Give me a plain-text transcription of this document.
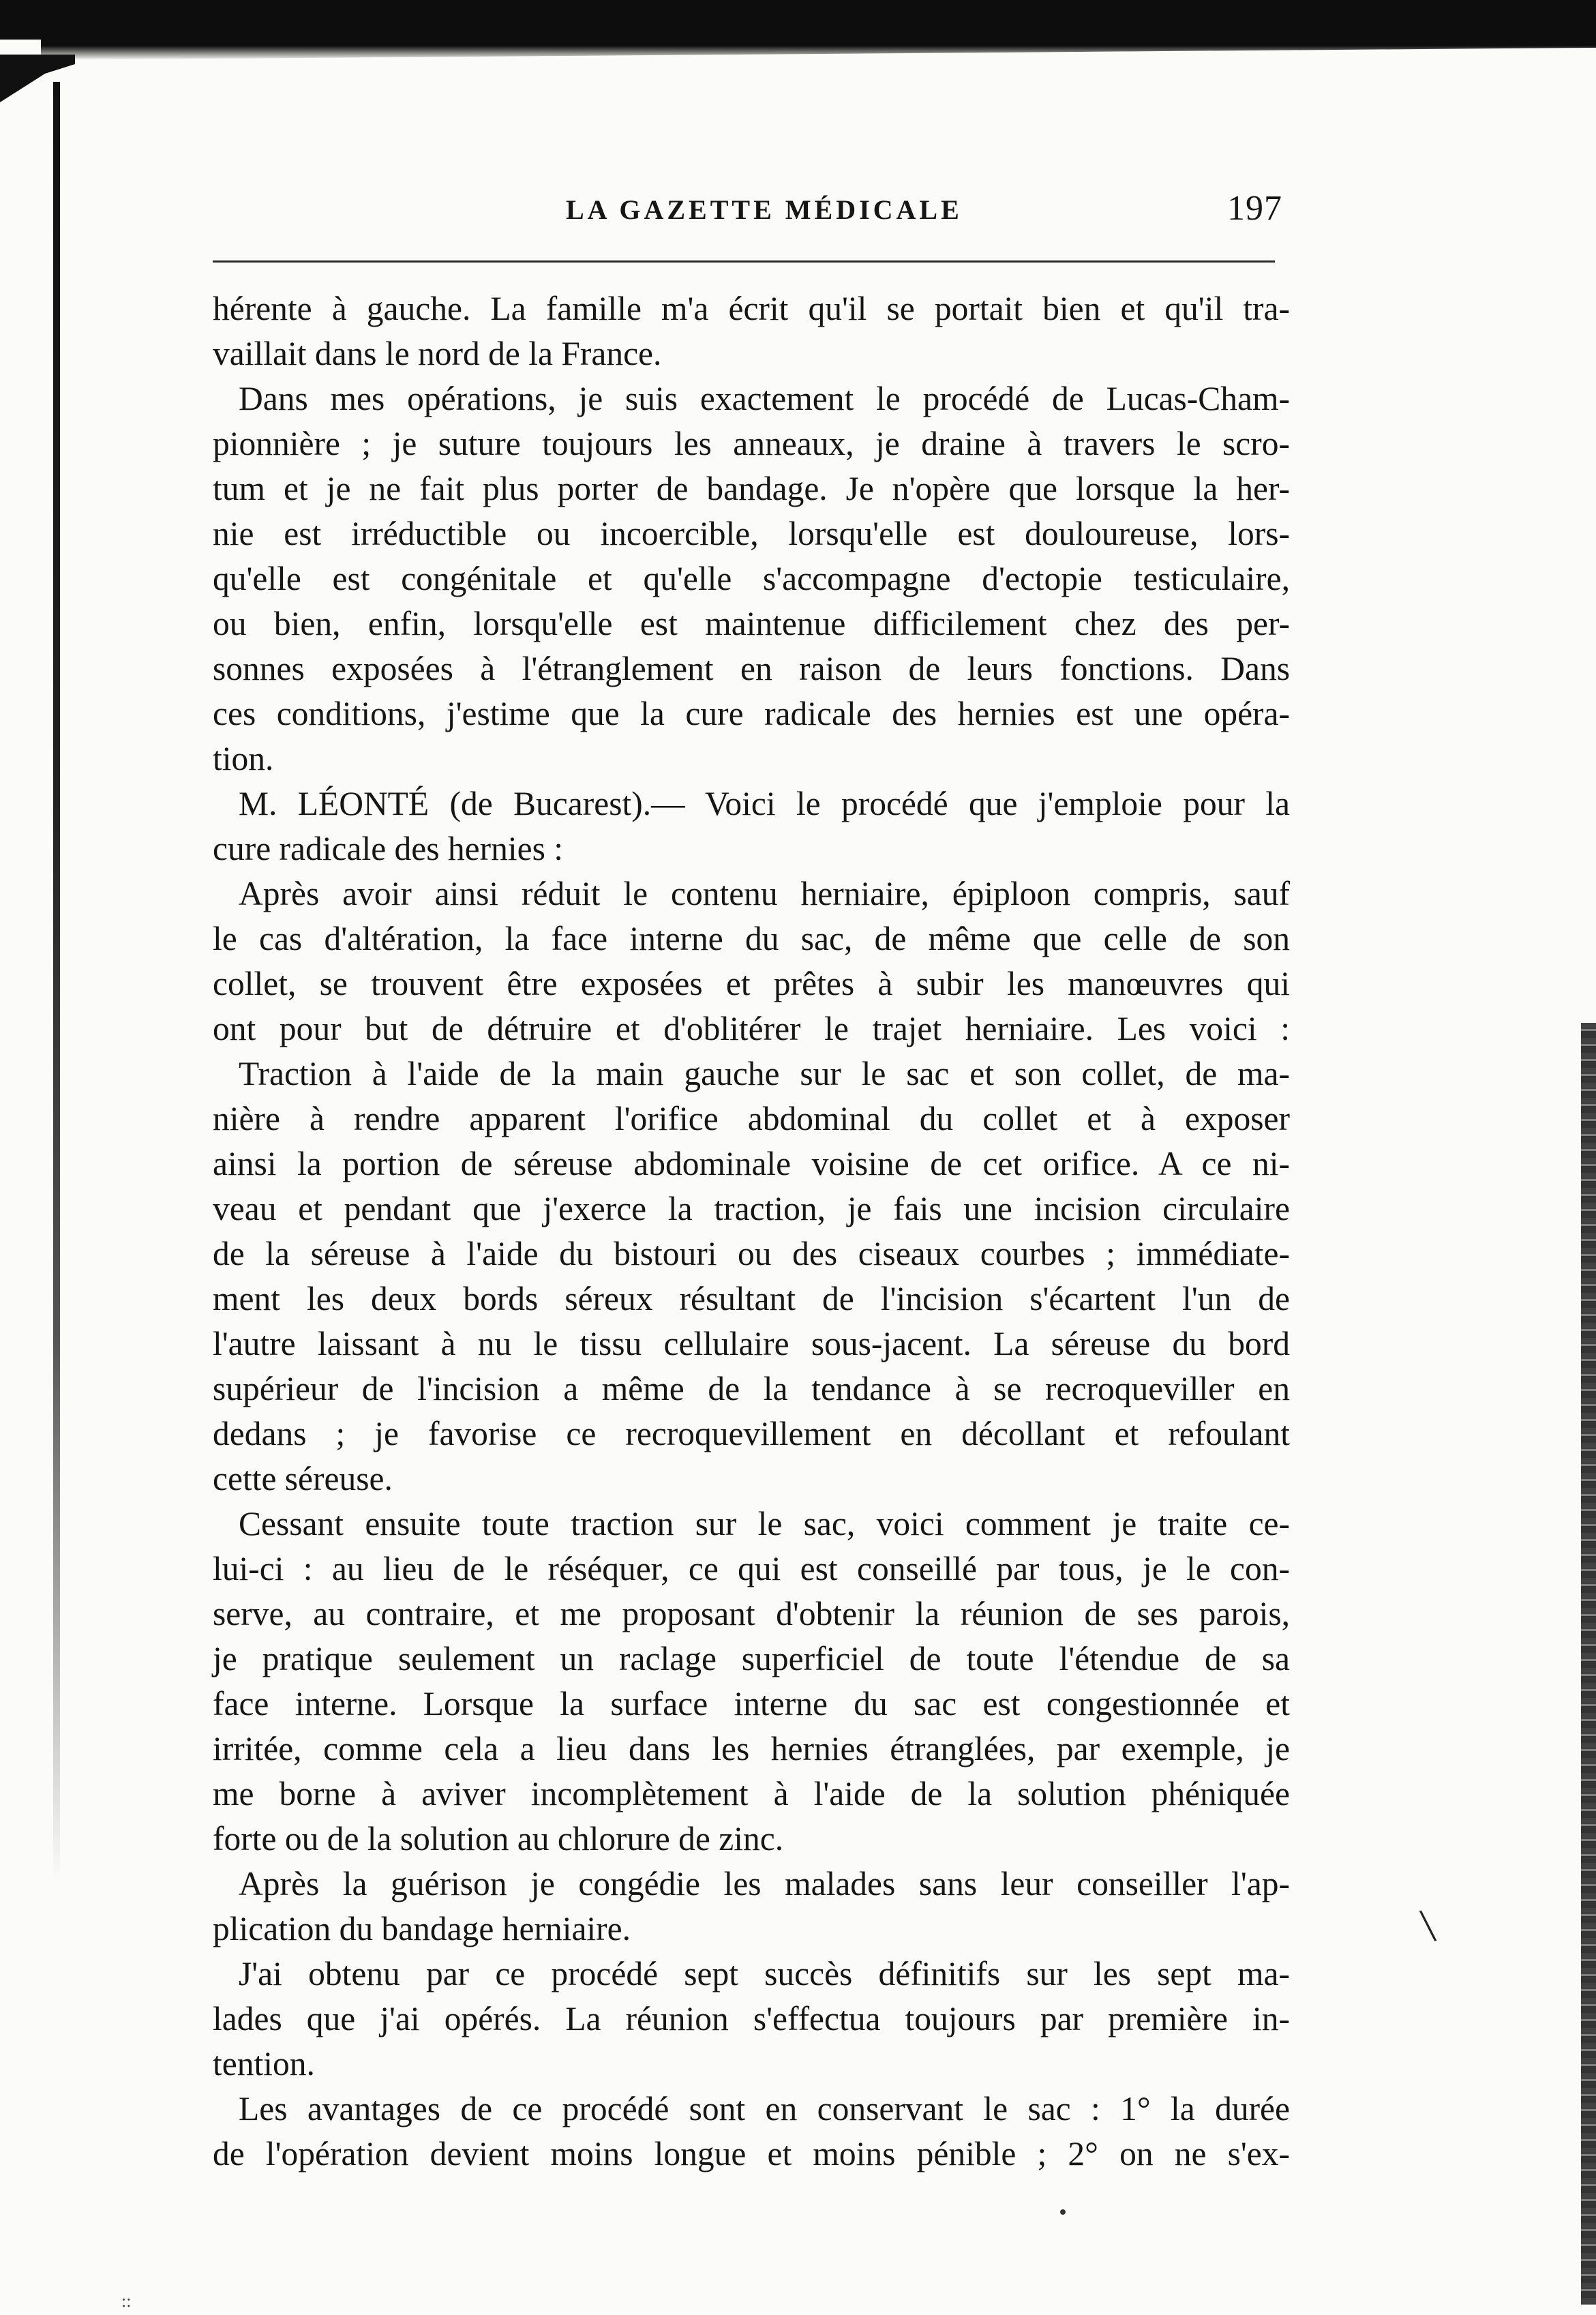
\
::
LA GAZETTE MÉDICALE	197
hérente à gauche. La famille m'a écrit qu'il se portait bien et qu'il tra-
vaillait dans le nord de la France.
Dans mes opérations, je suis exactement le procédé de Lucas-Cham-
pionnière ; je suture toujours les anneaux, je draine à travers le scro-
tum et je ne fait plus porter de bandage. Je n'opère que lorsque la her-
nie est irréductible ou incoercible, lorsqu'elle est douloureuse, lors-
qu'elle est congénitale et qu'elle s'accompagne d'ectopie testiculaire,
ou bien, enfin, lorsqu'elle est maintenue difficilement chez des per-
sonnes exposées à l'étranglement en raison de leurs fonctions. Dans
ces conditions, j'estime que la cure radicale des hernies est une opéra-
tion.
M. LÉONTÉ (de Bucarest).— Voici le procédé que j'emploie pour la
cure radicale des hernies :
Après avoir ainsi réduit le contenu herniaire, épiploon compris, sauf
le cas d'altération, la face interne du sac, de même que celle de son
collet, se trouvent être exposées et prêtes à subir les manœuvres qui
ont pour but de détruire et d'oblitérer le trajet herniaire. Les voici :
Traction à l'aide de la main gauche sur le sac et son collet, de ma-
nière à rendre apparent l'orifice abdominal du collet et à exposer
ainsi la portion de séreuse abdominale voisine de cet orifice. A ce ni-
veau et pendant que j'exerce la traction, je fais une incision circulaire
de la séreuse à l'aide du bistouri ou des ciseaux courbes ; immédiate-
ment les deux bords séreux résultant de l'incision s'écartent l'un de
l'autre laissant à nu le tissu cellulaire sous-jacent. La séreuse du bord
supérieur de l'incision a même de la tendance à se recroqueviller en
dedans ; je favorise ce recroquevillement en décollant et refoulant
cette séreuse.
Cessant ensuite toute traction sur le sac, voici comment je traite ce-
lui-ci : au lieu de le réséquer, ce qui est conseillé par tous, je le con-
serve, au contraire, et me proposant d'obtenir la réunion de ses parois,
je pratique seulement un raclage superficiel de toute l'étendue de sa
face interne. Lorsque la surface interne du sac est congestionnée et
irritée, comme cela a lieu dans les hernies étranglées, par exemple, je
me borne à aviver incomplètement à l'aide de la solution phéniquée
forte ou de la solution au chlorure de zinc.
Après la guérison je congédie les malades sans leur conseiller l'ap-
plication du bandage herniaire.
J'ai obtenu par ce procédé sept succès définitifs sur les sept ma-
lades que j'ai opérés. La réunion s'effectua toujours par première in-
tention.
Les avantages de ce procédé sont en conservant le sac : 1° la durée
de l'opération devient moins longue et moins pénible ; 2° on ne s'ex-
